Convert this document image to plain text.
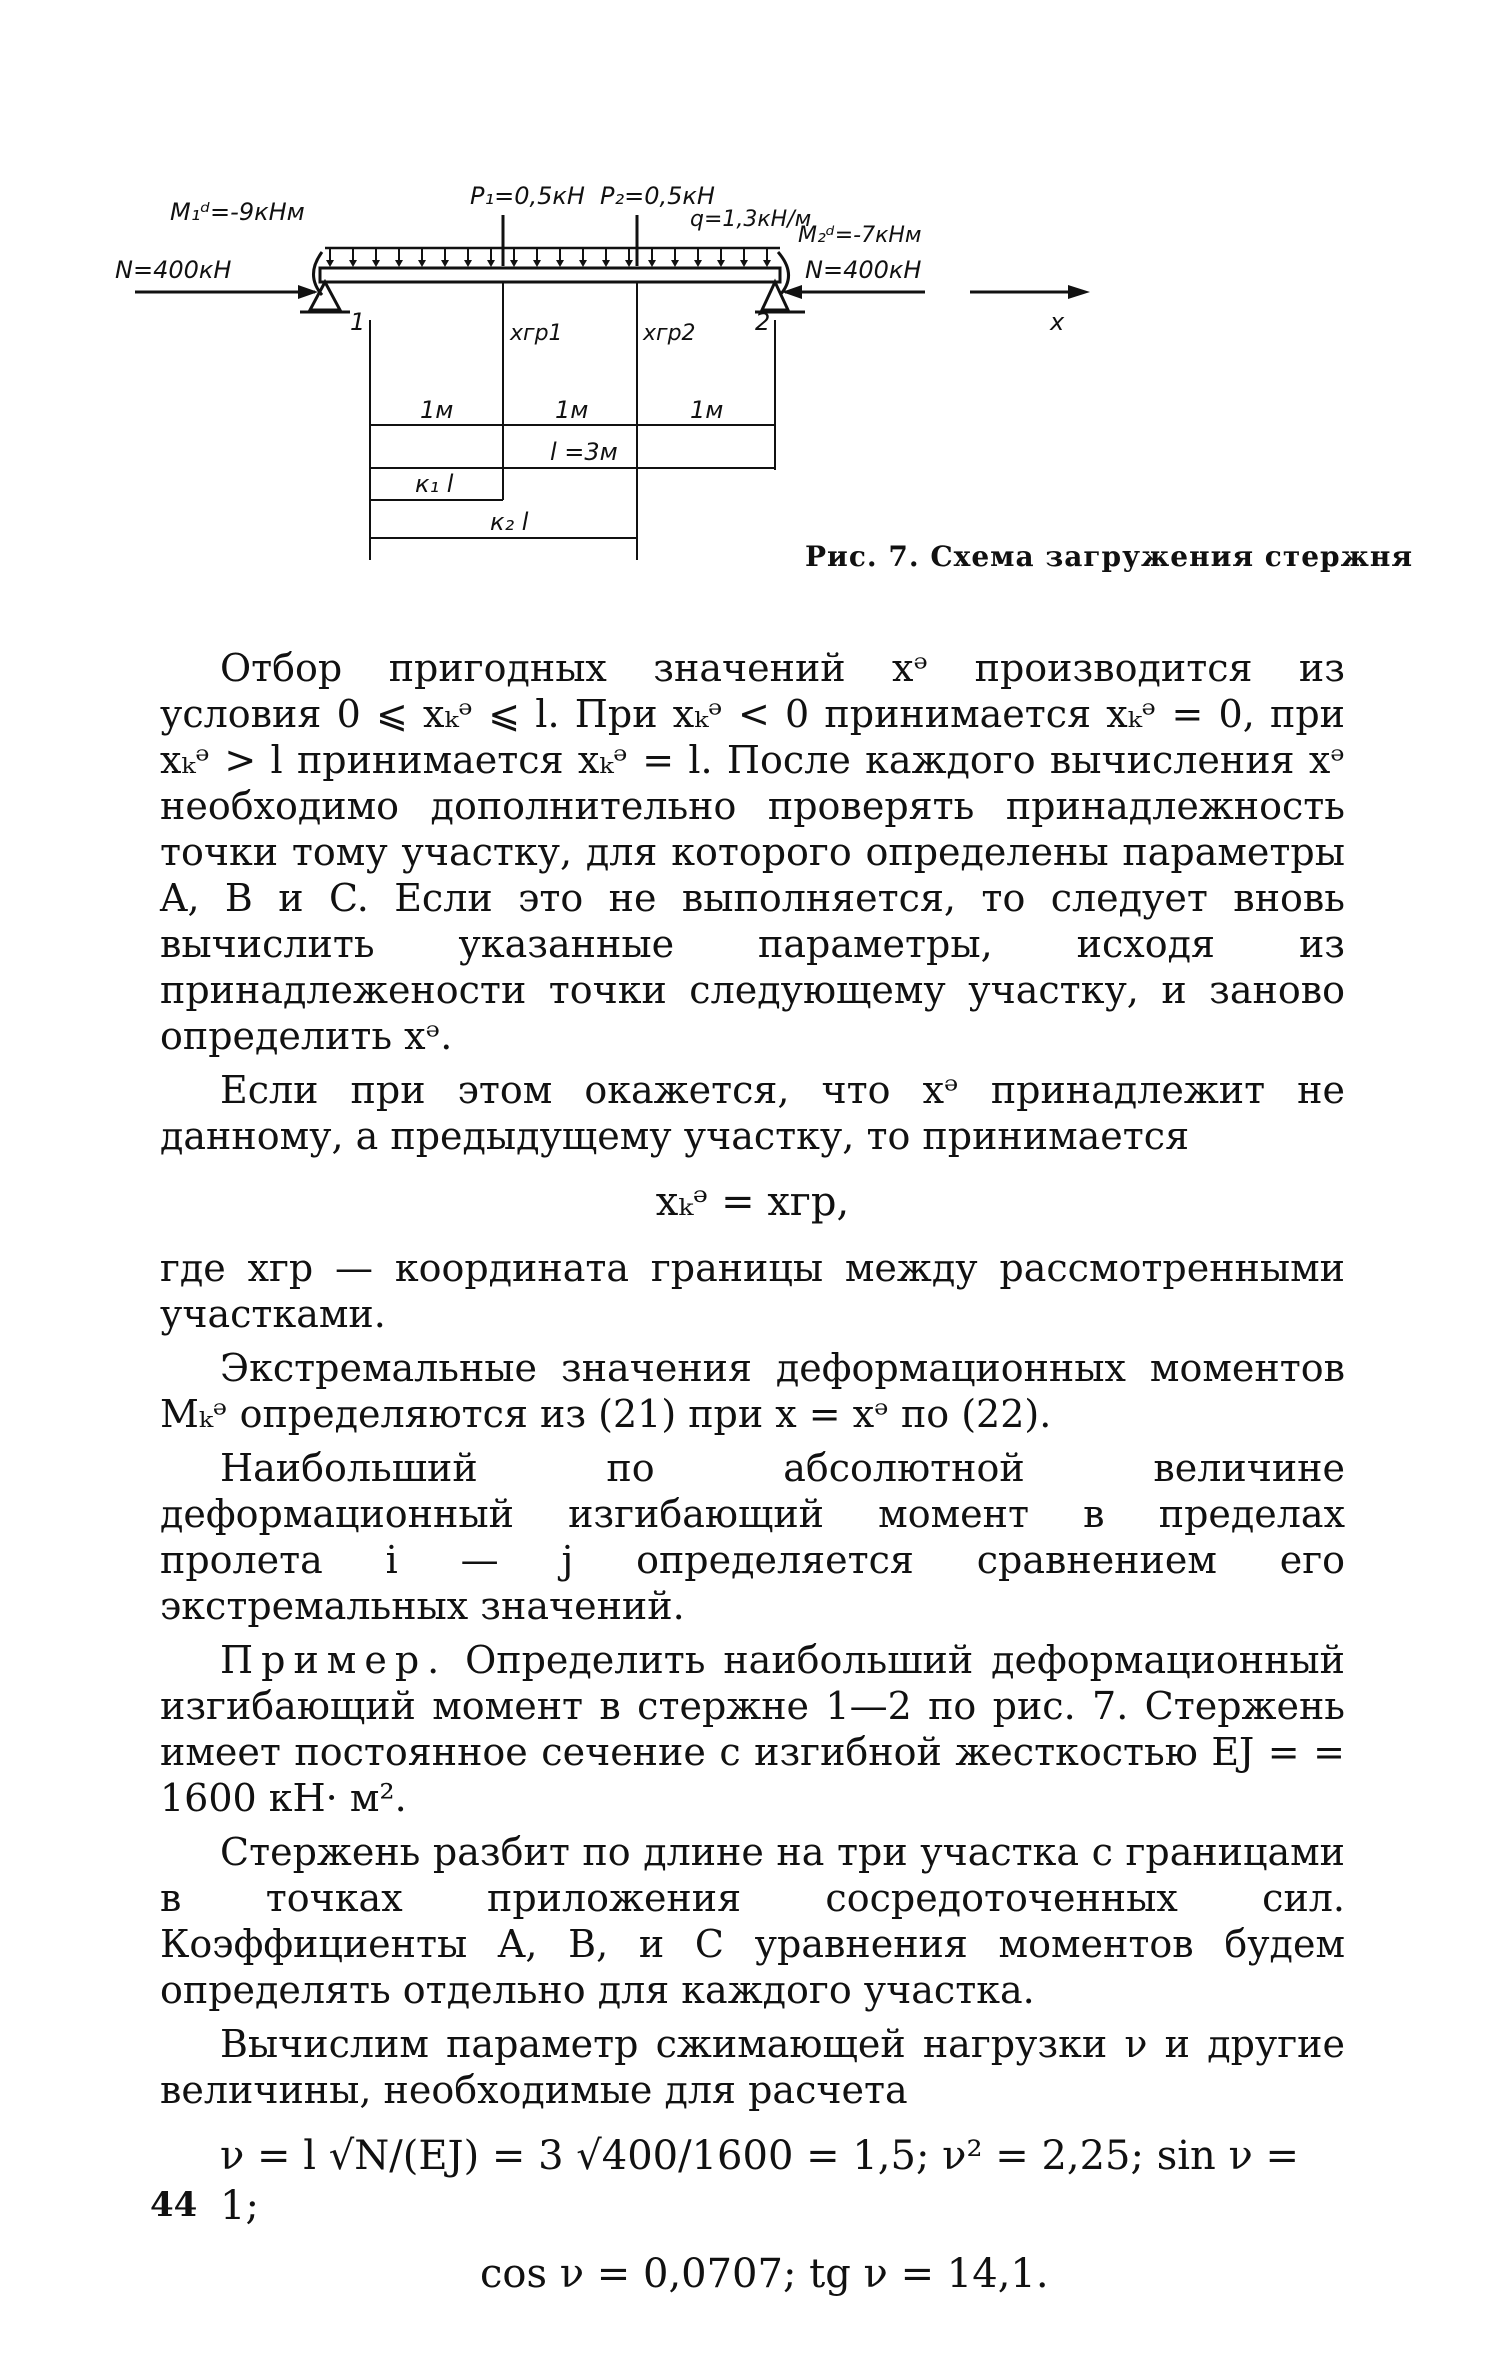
M₁ᵈ=-9кНм
N=400кН
P₁=0,5кН P₂=0,5кН
q=1,3кН/м
M₂ᵈ=-7кНм
N=400кН
x
1	2
xгр1	xгр2
1м	1м	1м
l =3м
к₁ l
к₂ l
Рис. 7. Схема загружения стержня

Отбор пригодных значений xᵊ производится из условия 0 ⩽ xₖᵊ ⩽ l. При xₖᵊ < 0 принимается xₖᵊ = 0, при xₖᵊ > l принимается xₖᵊ = l. После каждого вычисления xᵊ необходимо дополнительно проверять принадлежность точки тому участку, для которого определены параметры A, B и C. Если это не выполняется, то следует вновь вычислить указанные параметры, исходя из принадлежености точки следующему участку, и заново определить xᵊ.

Если при этом окажется, что xᵊ принадлежит не данному, а предыдущему участку, то принимается

xₖᵊ = xгр,

где xгр — координата границы между рассмотренными участками.

Экстремальные значения деформационных моментов Mₖᵊ определяются из (21) при x = xᵊ по (22).

Наибольший по абсолютной величине деформационный изгибающий момент в пределах пролета i — j определяется сравнением его экстремальных значений.

Пример. Определить наибольший деформационный изгибающий момент в стержне 1—2 по рис. 7. Стержень имеет постоянное сечение с изгибной жесткостью EJ = = 1600 кН· м².

Стержень разбит по длине на три участка с границами в точках приложения сосредоточенных сил. Коэффициенты A, B, и C уравнения моментов будем определять отдельно для каждого участка.

Вычислим параметр сжимающей нагрузки ν и другие величины, необходимые для расчета

ν = l √N/(EJ) = 3 √400/1600 = 1,5; ν² = 2,25; sin ν = 1;
cos ν = 0,0707; tg ν = 14,1.
44
